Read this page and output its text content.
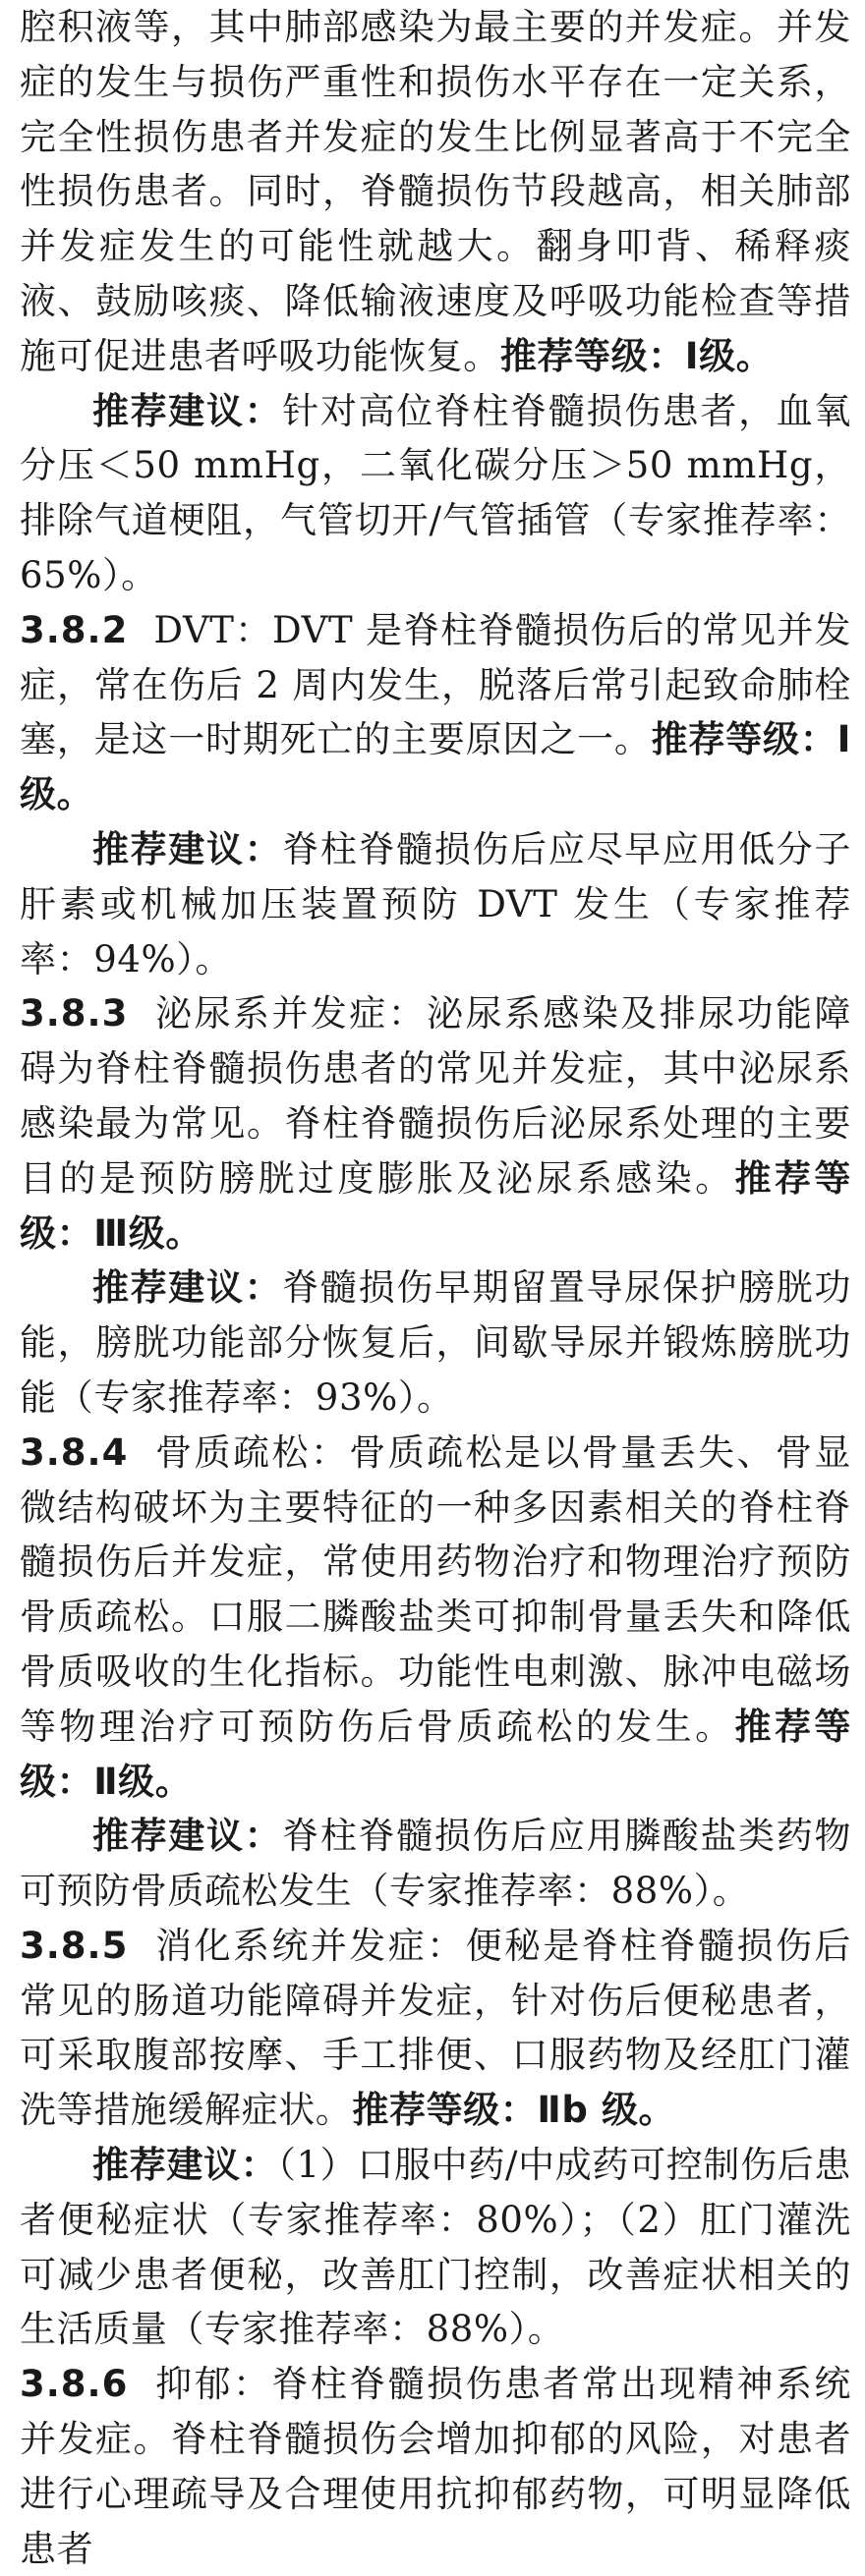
腔积液等，其中肺部感染为最主要的并发症。并发症的发生与损伤严重性和损伤水平存在一定关系，完全性损伤患者并发症的发生比例显著高于不完全性损伤患者。同时，脊髓损伤节段越高，相关肺部并发症发生的可能性就越大。翻身叩背、稀释痰液、鼓励咳痰、降低输液速度及呼吸功能检查等措施可促进患者呼吸功能恢复。推荐等级：Ⅰ级。

推荐建议：针对高位脊柱脊髓损伤患者，血氧分压＜50 mmHg，二氧化碳分压＞50 mmHg，排除气道梗阻，气管切开/气管插管（专家推荐率：65%）。

3.8.2 DVT：DVT 是脊柱脊髓损伤后的常见并发症，常在伤后 2 周内发生，脱落后常引起致命肺栓塞，是这一时期死亡的主要原因之一。推荐等级：Ⅰ级。

推荐建议：脊柱脊髓损伤后应尽早应用低分子肝素或机械加压装置预防 DVT 发生（专家推荐率：94%）。

3.8.3 泌尿系并发症：泌尿系感染及排尿功能障碍为脊柱脊髓损伤患者的常见并发症，其中泌尿系感染最为常见。脊柱脊髓损伤后泌尿系处理的主要目的是预防膀胱过度膨胀及泌尿系感染。推荐等级：Ⅲ级。

推荐建议：脊髓损伤早期留置导尿保护膀胱功能，膀胱功能部分恢复后，间歇导尿并锻炼膀胱功能（专家推荐率：93%）。

3.8.4 骨质疏松：骨质疏松是以骨量丢失、骨显微结构破坏为主要特征的一种多因素相关的脊柱脊髓损伤后并发症，常使用药物治疗和物理治疗预防骨质疏松。口服二膦酸盐类可抑制骨量丢失和降低骨质吸收的生化指标。功能性电刺激、脉冲电磁场等物理治疗可预防伤后骨质疏松的发生。推荐等级：Ⅱ级。

推荐建议：脊柱脊髓损伤后应用膦酸盐类药物可预防骨质疏松发生（专家推荐率：88%）。

3.8.5 消化系统并发症：便秘是脊柱脊髓损伤后常见的肠道功能障碍并发症，针对伤后便秘患者，可采取腹部按摩、手工排便、口服药物及经肛门灌洗等措施缓解症状。推荐等级：Ⅱb 级。

推荐建议：（1）口服中药/中成药可控制伤后患者便秘症状（专家推荐率：80%）；（2）肛门灌洗可减少患者便秘，改善肛门控制，改善症状相关的生活质量（专家推荐率：88%）。

3.8.6 抑郁：脊柱脊髓损伤患者常出现精神系统并发症。脊柱脊髓损伤会增加抑郁的风险，对患者进行心理疏导及合理使用抗抑郁药物，可明显降低患者
